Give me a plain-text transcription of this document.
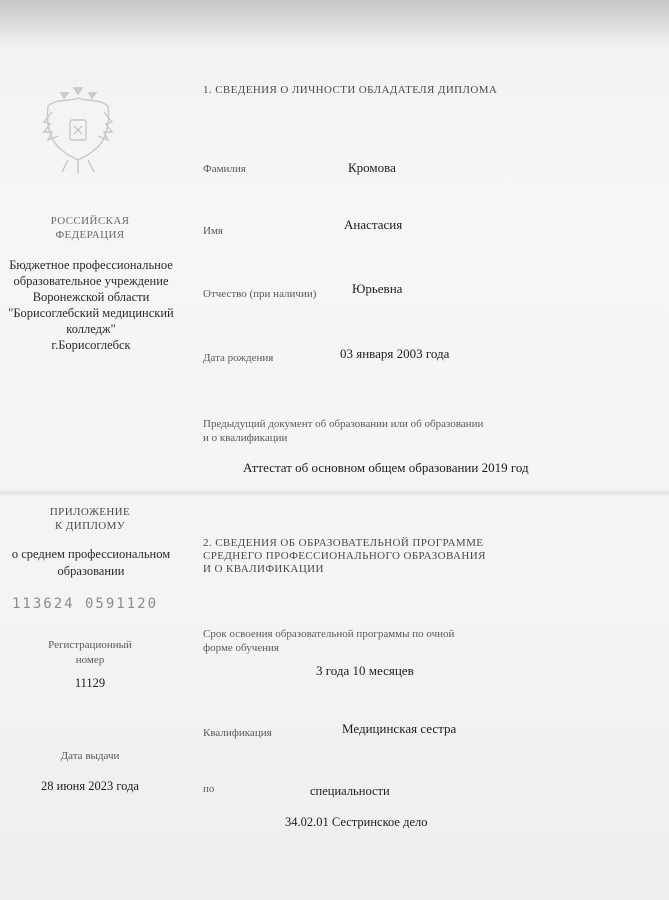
РОССИЙСКАЯ
ФЕДЕРАЦИЯ
Бюджетное профессиональное
образовательное учреждение
Воронежской области
"Борисоглебский медицинский
колледж"
г.Борисоглебск
ПРИЛОЖЕНИЕ
К ДИПЛОМУ
о среднем профессиональном
образовании
113624 0591120
Регистрационный
номер
11129
Дата выдачи
28 июня 2023 года
1. СВЕДЕНИЯ О ЛИЧНОСТИ ОБЛАДАТЕЛЯ ДИПЛОМА
Фамилия	Кромова
Имя	Анастасия
Отчество (при наличии)	Юрьевна
Дата рождения	03 января 2003 года
Предыдущий документ об образовании или об образовании
и о квалификации
Аттестат об основном общем образовании 2019 год
2. СВЕДЕНИЯ ОБ ОБРАЗОВАТЕЛЬНОЙ ПРОГРАММЕ
СРЕДНЕГО ПРОФЕССИОНАЛЬНОГО ОБРАЗОВАНИЯ
И О КВАЛИФИКАЦИИ
Срок освоения образовательной программы по очной
форме обучения
3 года 10 месяцев
Квалификация	Медицинская сестра
по	специальности
34.02.01 Сестринское дело
